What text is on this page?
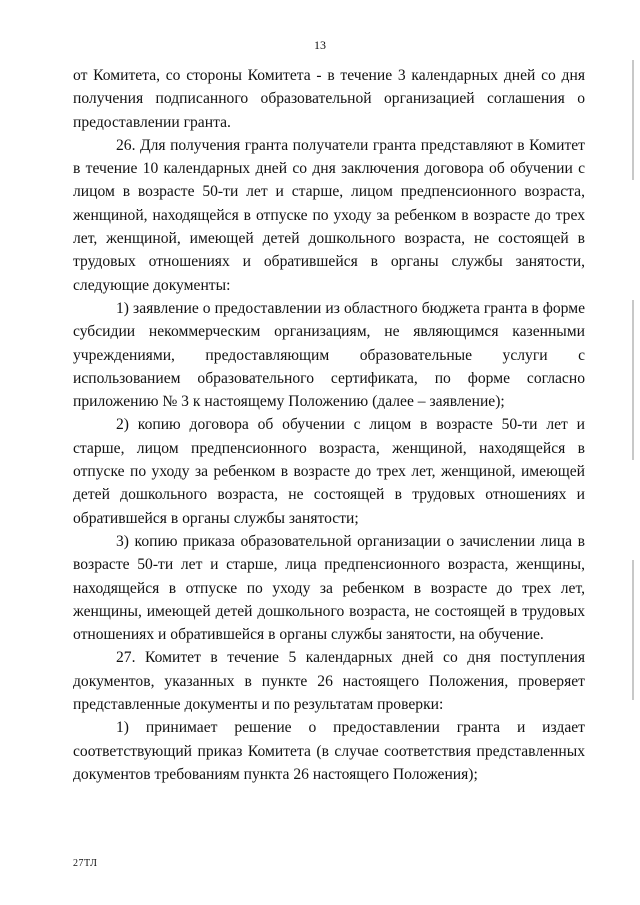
13

от Комитета, со стороны Комитета - в течение 3 календарных дней со дня получения подписанного образовательной организацией соглашения о предоставлении гранта.

26. Для получения гранта получатели гранта представляют в Комитет в течение 10 календарных дней со дня заключения договора об обучении с лицом в возрасте 50-ти лет и старше, лицом предпенсионного возраста, женщиной, находящейся в отпуске по уходу за ребенком в возрасте до трех лет, женщиной, имеющей детей дошкольного возраста, не состоящей в трудовых отношениях и обратившейся в органы службы занятости, следующие документы:

1) заявление о предоставлении из областного бюджета гранта в форме субсидии некоммерческим организациям, не являющимся казенными учреждениями, предоставляющим образовательные услуги с использованием образовательного сертификата, по форме согласно приложению № 3 к настоящему Положению (далее – заявление);

2) копию договора об обучении с лицом в возрасте 50-ти лет и старше, лицом предпенсионного возраста, женщиной, находящейся в отпуске по уходу за ребенком в возрасте до трех лет, женщиной, имеющей детей дошкольного возраста, не состоящей в трудовых отношениях и обратившейся в органы службы занятости;

3) копию приказа образовательной организации о зачислении лица в возрасте 50-ти лет и старше, лица предпенсионного возраста, женщины, находящейся в отпуске по уходу за ребенком в возрасте до трех лет, женщины, имеющей детей дошкольного возраста, не состоящей в трудовых отношениях и обратившейся в органы службы занятости, на обучение.

27. Комитет в течение 5 календарных дней со дня поступления документов, указанных в пункте 26 настоящего Положения, проверяет представленные документы и по результатам проверки:

1) принимает решение о предоставлении гранта и издает соответствующий приказ Комитета (в случае соответствия представленных документов требованиям пункта 26 настоящего Положения);

27ТЛ
